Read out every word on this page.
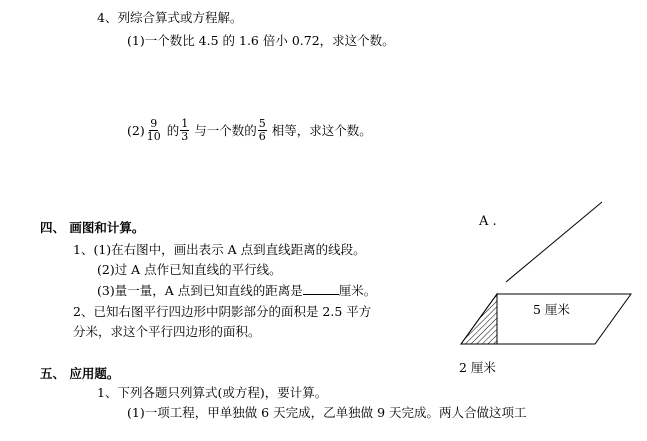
4、列综合算式或方程解。
(1)一个数比 4.5 的 1.6 倍小 0.72，求这个数。
$(2) \frac{9}{10}$ 的 $\frac{1}{3}$ 与一个数的 $\frac{5}{6}$ 相等，求这个数。
四、 画图和计算。
1、(1)在右图中，画出表示 A 点到直线距离的线段。
(2)过 A 点作已知直线的平行线。
(3)量一量，A 点到已知直线的距离是	厘米。
2、已知右图平行四边形中阴影部分的面积是 2.5 平方
分米，求这个平行四边形的面积。
A .
5 厘米
2 厘米
五、 应用题。
1、下列各题只列算式(或方程)，要计算。
(1)一项工程，甲单独做 6 天完成，乙单独做 9 天完成。两人合做这项工
